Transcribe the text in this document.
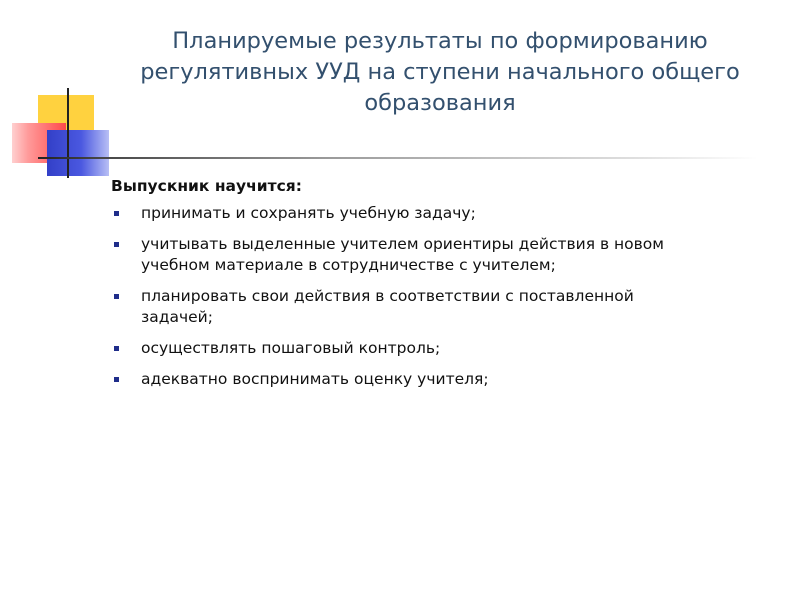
Планируемые результаты по формированию
регулятивных УУД на ступени начального общего
образования
Выпускник научится:
принимать и сохранять учебную задачу;
учитывать выделенные учителем ориентиры действия в новом
учебном материале в сотрудничестве с учителем;
планировать свои действия в соответствии с поставленной
задачей;
осуществлять пошаговый контроль;
адекватно воспринимать оценку учителя;
